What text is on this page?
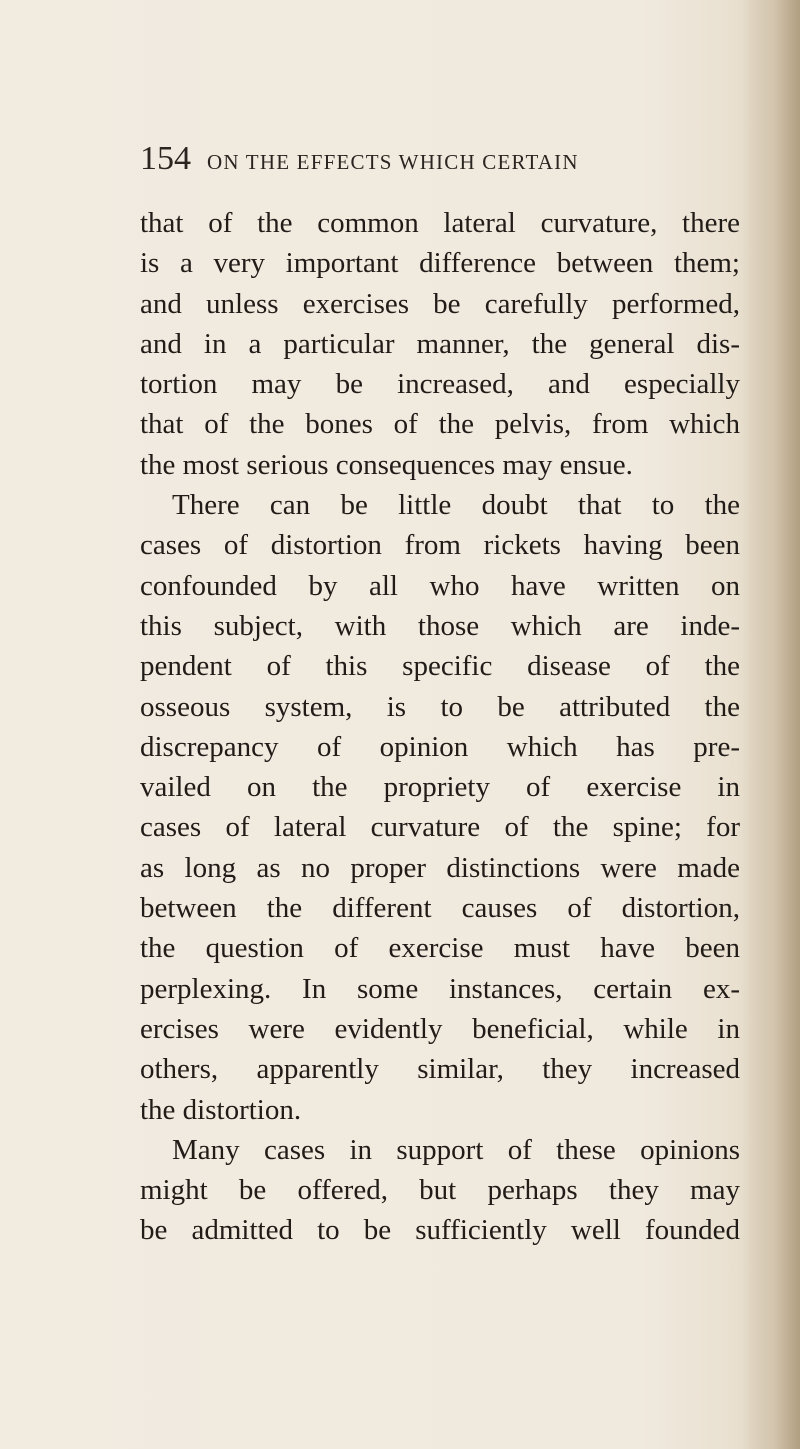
154 ON THE EFFECTS WHICH CERTAIN
that of the common lateral curvature, there
is a very important difference between them;
and unless exercises be carefully performed,
and in a particular manner, the general dis-
tortion may be increased, and especially
that of the bones of the pelvis, from which
the most serious consequences may ensue.
There can be little doubt that to the
cases of distortion from rickets having been
confounded by all who have written on
this subject, with those which are inde-
pendent of this specific disease of the
osseous system, is to be attributed the
discrepancy of opinion which has pre-
vailed on the propriety of exercise in
cases of lateral curvature of the spine; for
as long as no proper distinctions were made
between the different causes of distortion,
the question of exercise must have been
perplexing. In some instances, certain ex-
ercises were evidently beneficial, while in
others, apparently similar, they increased
the distortion.
Many cases in support of these opinions
might be offered, but perhaps they may
be admitted to be sufficiently well founded
